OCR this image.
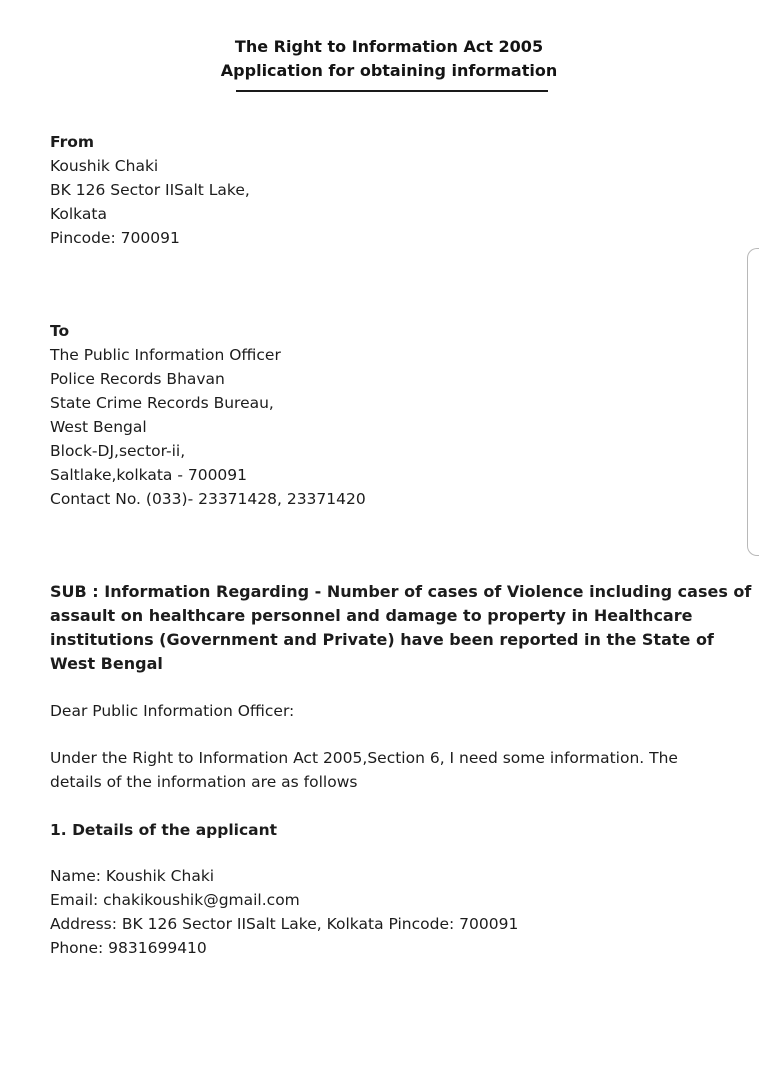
The Right to Information Act 2005
Application for obtaining information
From
Koushik Chaki
BK 126 Sector IISalt Lake,
Kolkata
Pincode: 700091
To
The Public Information Officer
Police Records Bhavan
State Crime Records Bureau,
West Bengal
Block-DJ,sector-ii,
Saltlake,kolkata - 700091
Contact No. (033)- 23371428, 23371420
SUB : Information Regarding - Number of cases of Violence including cases of
assault on healthcare personnel and damage to property in Healthcare
institutions (Government and Private) have been reported in the State of
West Bengal
Dear Public Information Officer:
Under the Right to Information Act 2005,Section 6, I need some information. The
details of the information are as follows
1. Details of the applicant
Name: Koushik Chaki
Email: chakikoushik@gmail.com
Address: BK 126 Sector IISalt Lake, Kolkata Pincode: 700091
Phone: 9831699410
